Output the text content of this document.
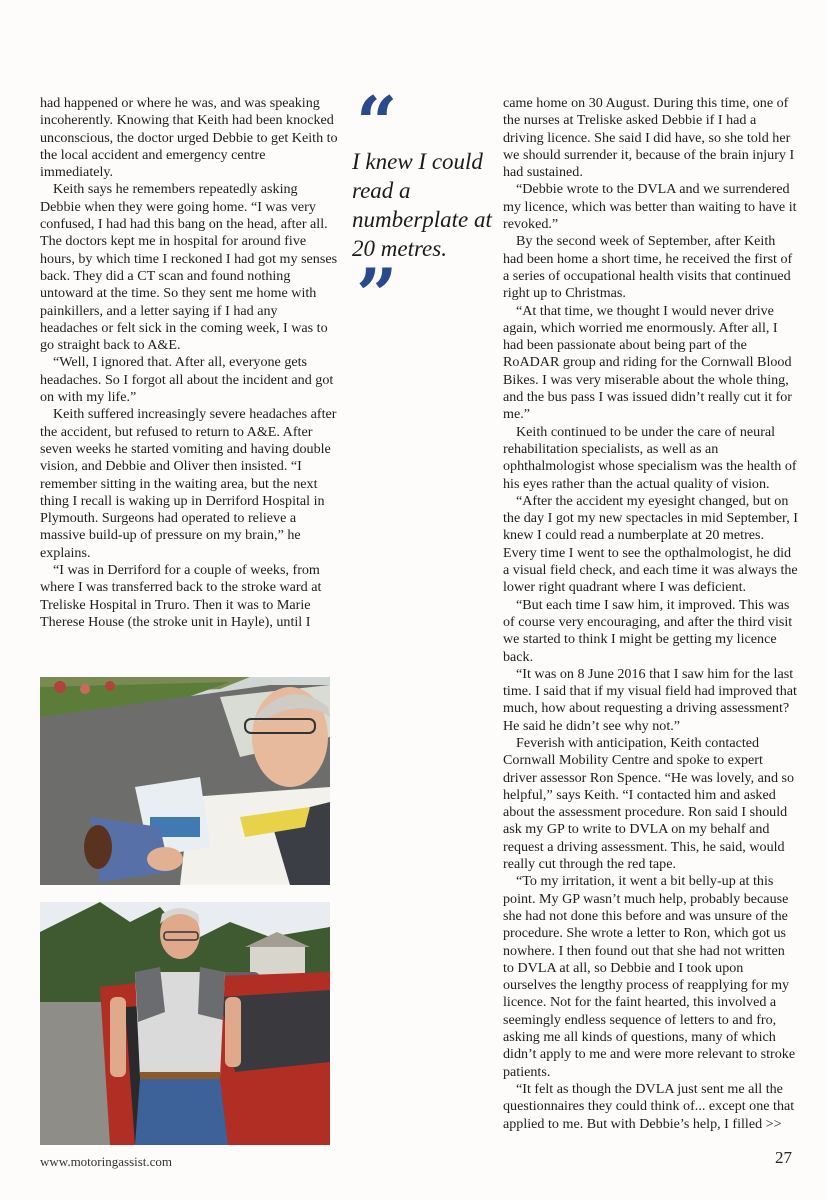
had happened or where he was, and was speaking incoherently. Knowing that Keith had been knocked unconscious, the doctor urged Debbie to get Keith to the local accident and emergency centre immediately.

Keith says he remembers repeatedly asking Debbie when they were going home. “I was very confused, I had had this bang on the head, after all. The doctors kept me in hospital for around five hours, by which time I reckoned I had got my senses back. They did a CT scan and found nothing untoward at the time. So they sent me home with painkillers, and a letter saying if I had any headaches or felt sick in the coming week, I was to go straight back to A&E.

“Well, I ignored that. After all, everyone gets headaches. So I forgot all about the incident and got on with my life.”

Keith suffered increasingly severe headaches after the accident, but refused to return to A&E. After seven weeks he started vomiting and having double vision, and Debbie and Oliver then insisted. “I remember sitting in the waiting area, but the next thing I recall is waking up in Derriford Hospital in Plymouth. Surgeons had operated to relieve a massive build-up of pressure on my brain,” he explains.

“I was in Derriford for a couple of weeks, from where I was transferred back to the stroke ward at Treliske Hospital in Truro. Then it was to Marie Therese House (the stroke unit in Hayle), until I

“
I knew I could read a numberplate at 20 metres.
”

came home on 30 August. During this time, one of the nurses at Treliske asked Debbie if I had a driving licence. She said I did have, so she told her we should surrender it, because of the brain injury I had sustained.

“Debbie wrote to the DVLA and we surrendered my licence, which was better than waiting to have it revoked.”

By the second week of September, after Keith had been home a short time, he received the first of a series of occupational health visits that continued right up to Christmas.

“At that time, we thought I would never drive again, which worried me enormously. After all, I had been passionate about being part of the RoADAR group and riding for the Cornwall Blood Bikes. I was very miserable about the whole thing, and the bus pass I was issued didn’t really cut it for me.”

Keith continued to be under the care of neural rehabilitation specialists, as well as an ophthalmologist whose specialism was the health of his eyes rather than the actual quality of vision.

“After the accident my eyesight changed, but on the day I got my new spectacles in mid September, I knew I could read a numberplate at 20 metres. Every time I went to see the opthalmologist, he did a visual field check, and each time it was always the lower right quadrant where I was deficient.

“But each time I saw him, it improved. This was of course very encouraging, and after the third visit we started to think I might be getting my licence back.

“It was on 8 June 2016 that I saw him for the last time. I said that if my visual field had improved that much, how about requesting a driving assessment? He said he didn’t see why not.”

Feverish with anticipation, Keith contacted Cornwall Mobility Centre and spoke to expert driver assessor Ron Spence. “He was lovely, and so helpful,” says Keith. “I contacted him and asked about the assessment procedure. Ron said I should ask my GP to write to DVLA on my behalf and request a driving assessment. This, he said, would really cut through the red tape.

“To my irritation, it went a bit belly-up at this point. My GP wasn’t much help, probably because she had not done this before and was unsure of the procedure. She wrote a letter to Ron, which got us nowhere. I then found out that she had not written to DVLA at all, so Debbie and I took upon ourselves the lengthy process of reapplying for my licence. Not for the faint hearted, this involved a seemingly endless sequence of letters to and fro, asking me all kinds of questions, many of which didn’t apply to me and were more relevant to stroke patients.

“It felt as though the DVLA just sent me all the questionnaires they could think of... except one that applied to me. But with Debbie’s help, I filled >>

www.motoringassist.com	27
